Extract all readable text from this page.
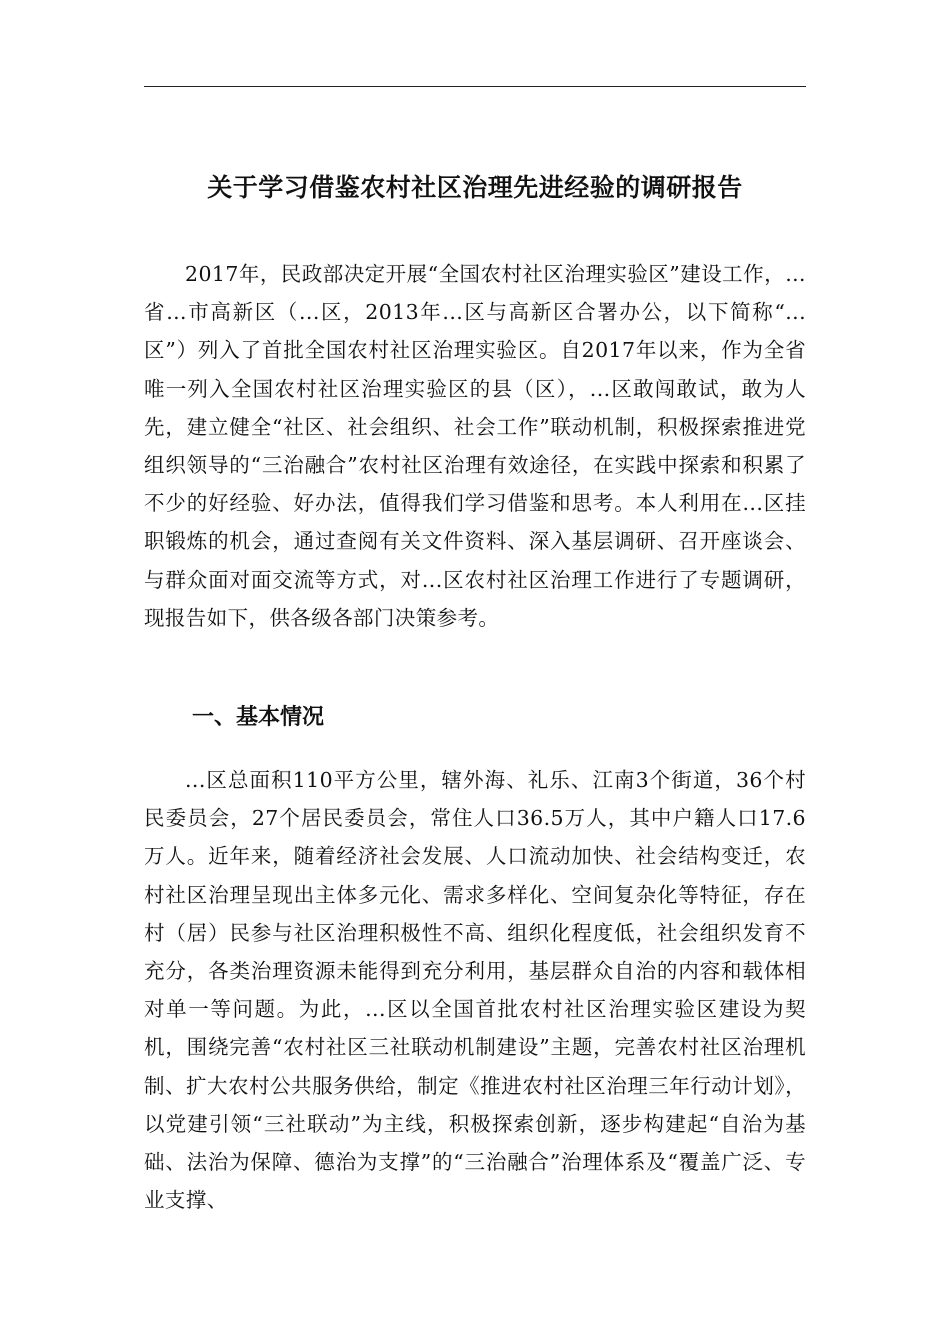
关于学习借鉴农村社区治理先进经验的调研报告

2017年，民政部决定开展“全国农村社区治理实验区”建设工作，…省…市高新区（...区，2013年...区与高新区合署办公，以下简称“...区”）列入了首批全国农村社区治理实验区。自2017年以来，作为全省唯一列入全国农村社区治理实验区的县（区），...区敢闯敢试，敢为人先，建立健全“社区、社会组织、社会工作”联动机制，积极探索推进党组织领导的“三治融合”农村社区治理有效途径，在实践中探索和积累了不少的好经验、好办法，值得我们学习借鉴和思考。本人利用在...区挂职锻炼的机会，通过查阅有关文件资料、深入基层调研、召开座谈会、与群众面对面交流等方式，对...区农村社区治理工作进行了专题调研，现报告如下，供各级各部门决策参考。

一、基本情况

...区总面积110平方公里，辖外海、礼乐、江南3个街道，36个村民委员会，27个居民委员会，常住人口36.5万人，其中户籍人口17.6万人。近年来，随着经济社会发展、人口流动加快、社会结构变迁，农村社区治理呈现出主体多元化、需求多样化、空间复杂化等特征，存在村（居）民参与社区治理积极性不高、组织化程度低，社会组织发育不充分，各类治理资源未能得到充分利用，基层群众自治的内容和载体相对单一等问题。为此，...区以全国首批农村社区治理实验区建设为契机，围绕完善“农村社区三社联动机制建设”主题，完善农村社区治理机制、扩大农村公共服务供给，制定《推进农村社区治理三年行动计划》，以党建引领“三社联动”为主线，积极探索创新，逐步构建起“自治为基础、法治为保障、德治为支撑”的“三治融合”治理体系及“覆盖广泛、专业支撑、
